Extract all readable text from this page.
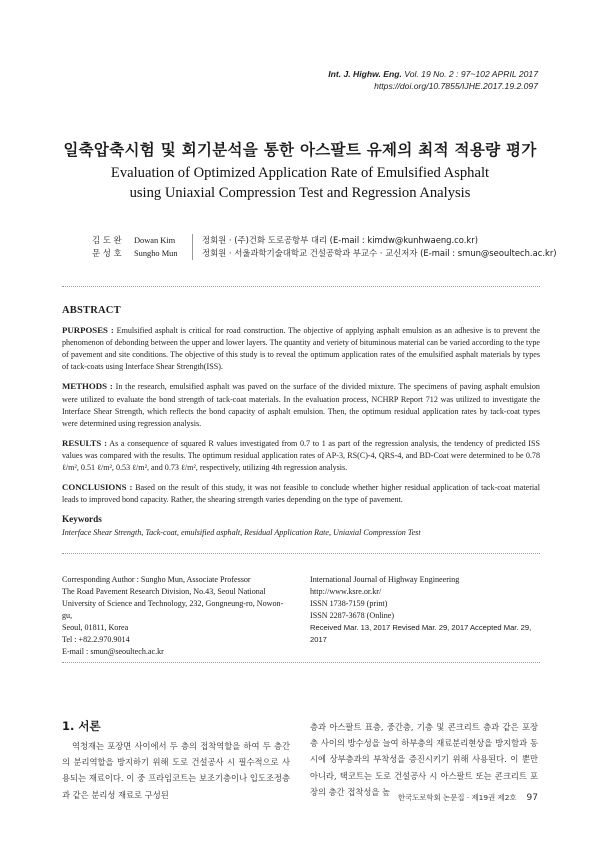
Int. J. Highw. Eng. Vol. 19 No. 2 : 97~102 APRIL 2017
https://doi.org/10.7855/IJHE.2017.19.2.097
일축압축시험 및 회기분석을 통한 아스팔트 유제의 최적 적용량 평가
Evaluation of Optimized Application Rate of Emulsified Asphalt
using Uniaxial Compression Test and Regression Analysis
김 도 완	Dowan Kim	정회원 · (주)건화 도로공항부 대리 (E-mail : kimdw@kunhwaeng.co.kr)
문 성 호	Sungho Mun	정회원 · 서울과학기술대학교 건설공학과 부교수 · 교신저자 (E-mail : smun@seoultech.ac.kr)
ABSTRACT

PURPOSES : Emulsified asphalt is critical for road construction. The objective of applying asphalt emulsion as an adhesive is to prevent the phenomenon of debonding between the upper and lower layers. The quantity and veriety of bituminous material can be varied according to the type of pavement and site conditions. The objective of this study is to reveal the optimum application rates of the emulsified asphalt materials by types of tack-coats using Interface Shear Strength(ISS).

METHODS : In the research, emulsified asphalt was paved on the surface of the divided mixture. The specimens of paving asphalt emulsion were utilized to evaluate the bond strength of tack-coat materials. In the evaluation process, NCHRP Report 712 was utilized to investigate the Interface Shear Strength, which reflects the bond capacity of asphalt emulsion. Then, the optimum residual application rates by tack-coat types were determined using regression analysis.

RESULTS : As a consequence of squared R values investigated from 0.7 to 1 as part of the regression analysis, the tendency of predicted ISS values was compared with the results. The optimum residual application rates of AP-3, RS(C)-4, QRS-4, and BD-Coat were determined to be 0.78 ℓ/m², 0.51 ℓ/m², 0.53 ℓ/m², and 0.73 ℓ/m², respectively, utilizing 4th regression analysis.

CONCLUSIONS : Based on the result of this study, it was not feasible to conclude whether higher residual application of tack-coat material leads to improved bond capacity. Rather, the shearing strength varies depending on the type of pavement.

Keywords
Interface Shear Strength, Tack-coat, emulsified asphalt, Residual Application Rate, Uniaxial Compression Test
Corresponding Author : Sungho Mun, Associate Professor
The Road Pavement Research Division, No.43, Seoul National
University of Science and Technology, 232, Gongneung-ro, Nowon-gu,
Seoul, 01811, Korea
Tel : +82.2.970.9014
E-mail : smun@seoultech.ac.kr
International Journal of Highway Engineering
http://www.ksre.or.kr/
ISSN 1738-7159 (print)
ISSN 2287-3678 (Online)
Received Mar. 13, 2017 Revised Mar. 29, 2017 Accepted Mar. 29, 2017
1. 서론
역청재는 포장면 사이에서 두 층의 접착역할을 하여 두 층간의 분리역할을 방지하기 위해 도로 건설공사 시 필수적으로 사용되는 재료이다. 이 중 프라임코트는 보조기층이나 입도조정층과 같은 분리성 재료로 구성된
층과 아스팔트 표층, 중간층, 기층 및 콘크리트 층과 같은 포장층 사이의 방수성을 늘여 하부층의 재료분리현상을 방지함과 동시에 상부층과의 부착성을 증진시키기 위해 사용된다. 이 뿐만 아니라, 택코트는 도로 건설공사 시 아스팔트 또는 콘크리트 포장의 층간 접착성을 높
한국도로학회 논문집 · 제19권 제2호 97
